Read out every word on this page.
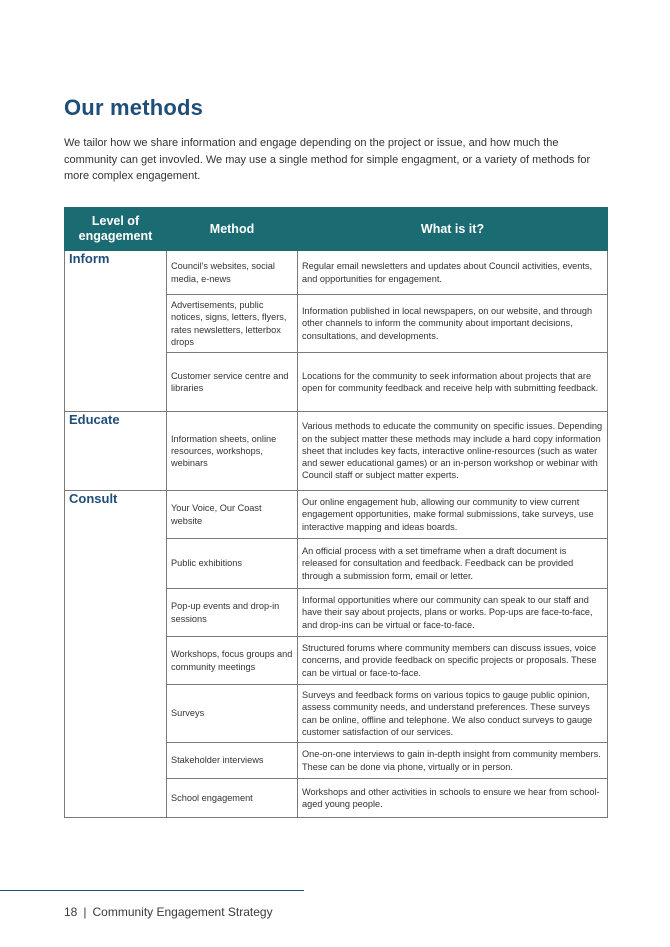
Our methods

We tailor how we share information and engage depending on the project or issue, and how much the community can get invovled. We may use a single method for simple engagment, or a variety of methods for more complex engagement.

Level of engagement	Method	What is it?
Inform	Council's websites, social media, e-news	Regular email newsletters and updates about Council activities, events, and opportunities for engagement.
	Advertisements, public notices, signs, letters, flyers, rates newsletters, letterbox drops	Information published in local newspapers, on our website, and through other channels to inform the community about important decisions, consultations, and developments.
	Customer service centre and libraries	Locations for the community to seek information about projects that are open for community feedback and receive help with submitting feedback.
Educate	Information sheets, online resources, workshops, webinars	Various methods to educate the community on specific issues. Depending on the subject matter these methods may include a hard copy information sheet that includes key facts, interactive online-resources (such as water and sewer educational games) or an in-person workshop or webinar with Council staff or subject matter experts.
Consult	Your Voice, Our Coast website	Our online engagement hub, allowing our community to view current engagement opportunities, make formal submissions, take surveys, use interactive mapping and ideas boards.
	Public exhibitions	An official process with a set timeframe when a draft document is released for consultation and feedback. Feedback can be provided through a submission form, email or letter.
	Pop-up events and drop-in sessions	Informal opportunities where our community can speak to our staff and have their say about projects, plans or works. Pop-ups are face-to-face, and drop-ins can be virtual or face-to-face.
	Workshops, focus groups and community meetings	Structured forums where community members can discuss issues, voice concerns, and provide feedback on specific projects or proposals. These can be virtual or face-to-face.
	Surveys	Surveys and feedback forms on various topics to gauge public opinion, assess community needs, and understand preferences. These surveys can be online, offline and telephone. We also conduct surveys to gauge customer satisfaction of our services.
	Stakeholder interviews	One-on-one interviews to gain in-depth insight from community members. These can be done via phone, virtually or in person.
	School engagement	Workshops and other activities in schools to ensure we hear from school-aged young people.
18 | Community Engagement Strategy
